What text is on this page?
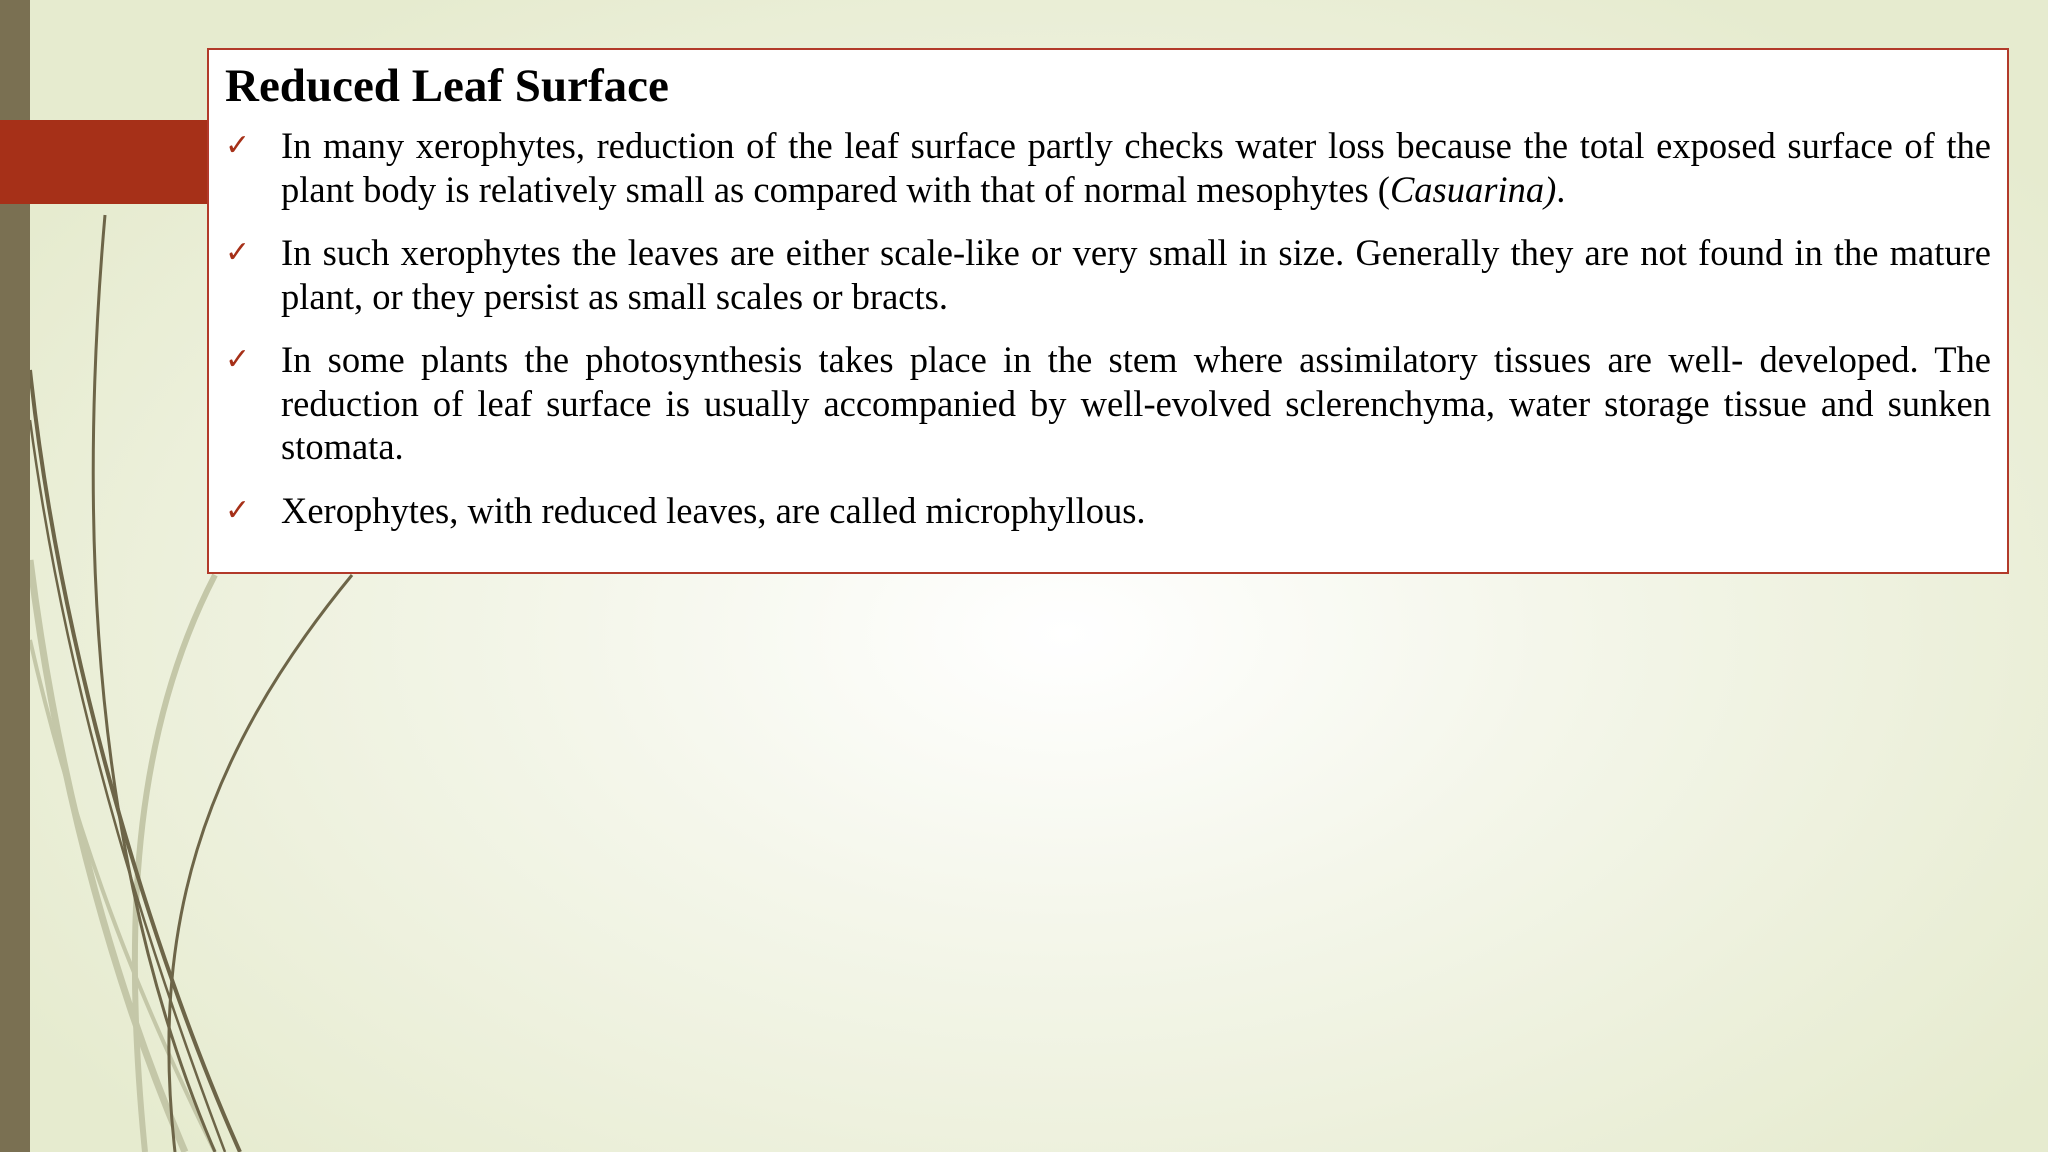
Reduced Leaf Surface
✓ In many xerophytes, reduction of the leaf surface partly checks water loss because the total exposed surface of the plant body is relatively small as compared with that of normal mesophytes (Casuarina).
✓ In such xerophytes the leaves are either scale-like or very small in size. Generally they are not found in the mature plant, or they persist as small scales or bracts.
✓ In some plants the photosynthesis takes place in the stem where assimilatory tissues are well- developed. The reduction of leaf surface is usually accompanied by well-evolved sclerenchyma, water storage tissue and sunken stomata.
✓ Xerophytes, with reduced leaves, are called microphyllous.
